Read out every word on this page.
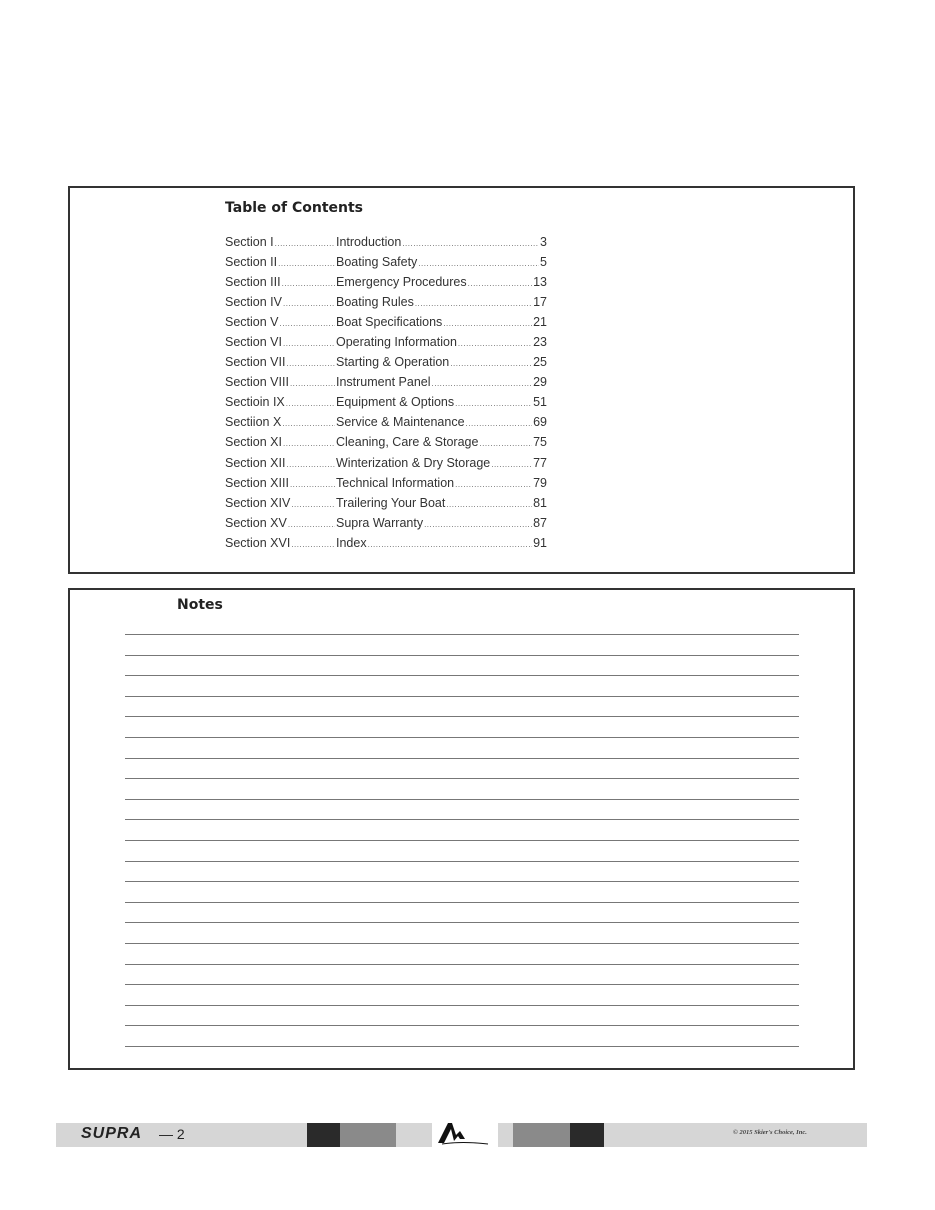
Table of Contents
Section I .....	Introduction .....	3
Section II .....	Boating Safety .....	5
Section III .....	Emergency Procedures .....	13
Section IV .....	Boating Rules .....	17
Section V .....	Boat Specifications .....	21
Section VI .....	Operating Information .....	23
Section VII .....	Starting & Operation .....	25
Section VIII .....	Instrument Panel .....	29
Sectioin IX .....	Equipment & Options .....	51
Sectiion X .....	Service & Maintenance .....	69
Section XI .....	Cleaning, Care & Storage .....	75
Section XII .....	Winterization & Dry Storage .....	77
Section XIII .....	Technical Information .....	79
Section XIV .....	Trailering Your Boat .....	81
Section XV .....	Supra Warranty .....	87
Section XVI .....	Index .....	91
Notes
SUPRA — 2	© 2015 Skier's Choice, Inc.
